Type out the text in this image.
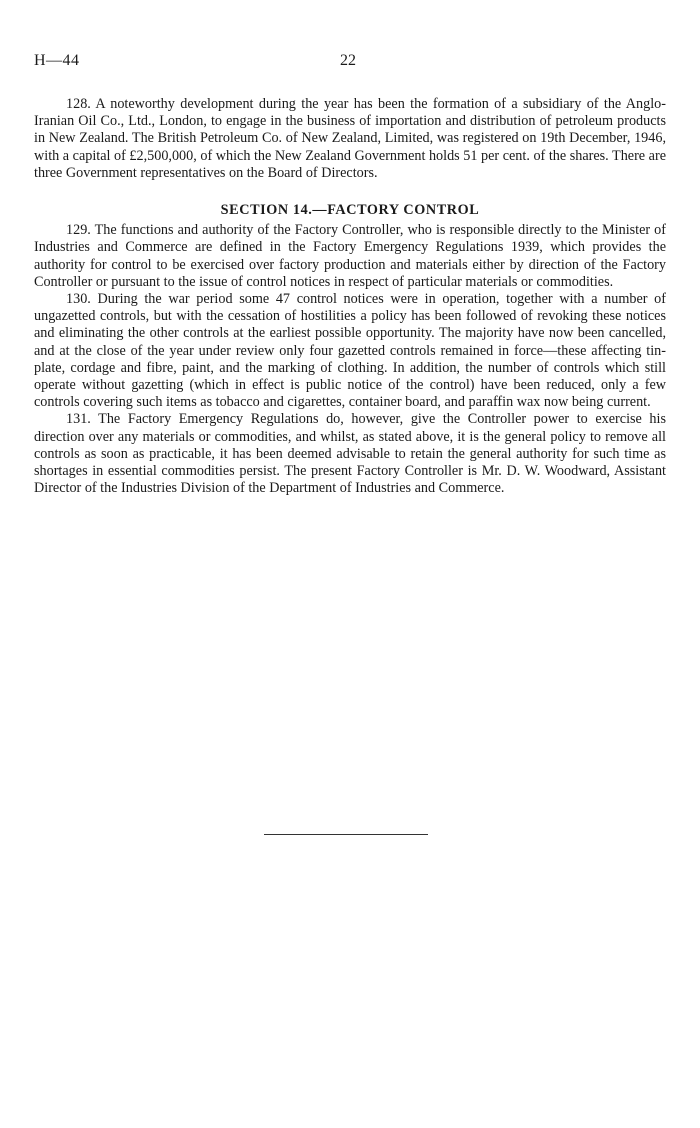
H—44	22

128. A noteworthy development during the year has been the formation of a subsidiary of the Anglo-Iranian Oil Co., Ltd., London, to engage in the business of importation and distribution of petroleum products in New Zealand. The British Petroleum Co. of New Zealand, Limited, was registered on 19th December, 1946, with a capital of £2,500,000, of which the New Zealand Government holds 51 per cent. of the shares. There are three Government representatives on the Board of Directors.

SECTION 14.—FACTORY CONTROL

129. The functions and authority of the Factory Controller, who is responsible directly to the Minister of Industries and Commerce are defined in the Factory Emergency Regulations 1939, which provides the authority for control to be exercised over factory production and materials either by direction of the Factory Controller or pursuant to the issue of control notices in respect of particular materials or commodities.

130. During the war period some 47 control notices were in operation, together with a number of ungazetted controls, but with the cessation of hostilities a policy has been followed of revoking these notices and eliminating the other controls at the earliest possible opportunity. The majority have now been cancelled, and at the close of the year under review only four gazetted controls remained in force—these affecting tin-plate, cordage and fibre, paint, and the marking of clothing. In addition, the number of controls which still operate without gazetting (which in effect is public notice of the control) have been reduced, only a few controls covering such items as tobacco and cigarettes, container board, and paraffin wax now being current.

131. The Factory Emergency Regulations do, however, give the Controller power to exercise his direction over any materials or commodities, and whilst, as stated above, it is the general policy to remove all controls as soon as practicable, it has been deemed advisable to retain the general authority for such time as shortages in essential commodities persist. The present Factory Controller is Mr. D. W. Woodward, Assistant Director of the Industries Division of the Department of Industries and Commerce.
